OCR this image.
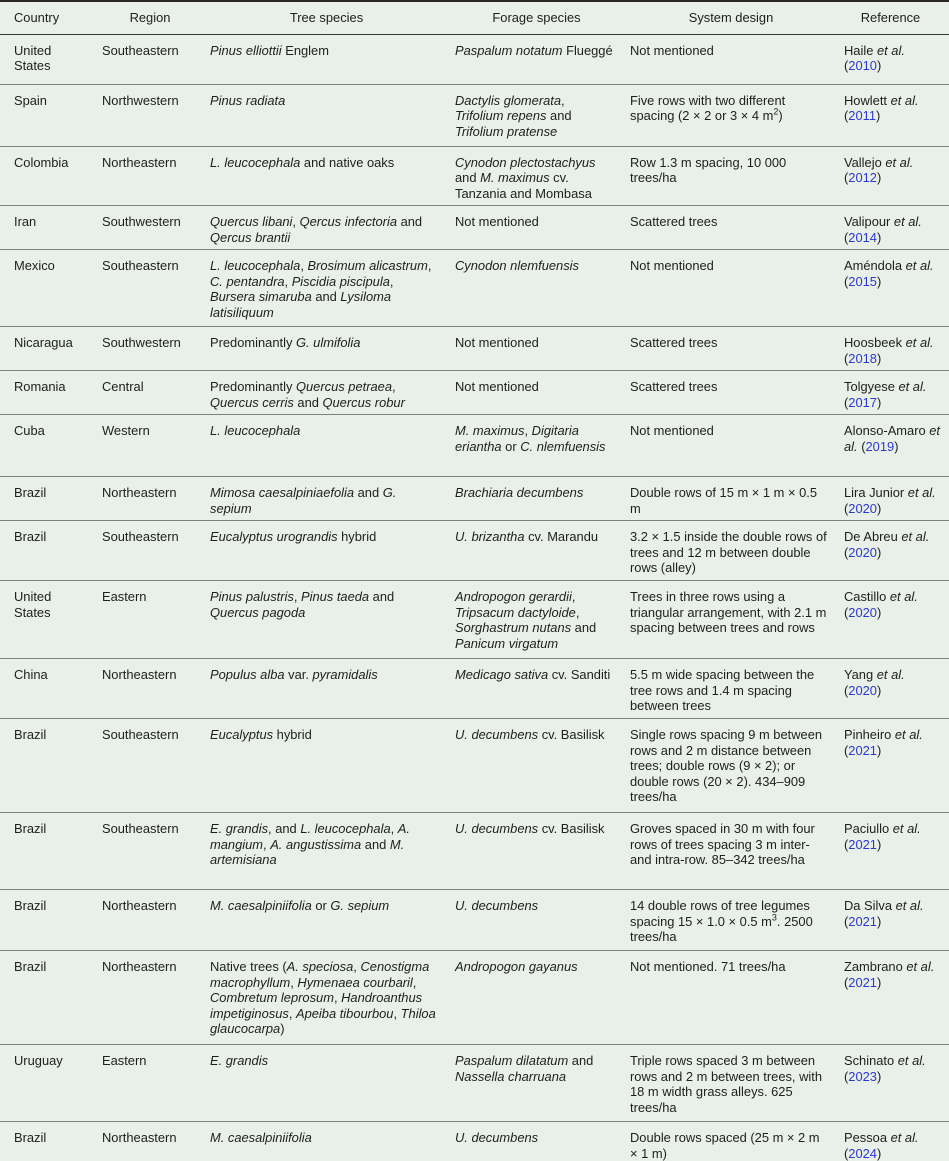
Country	Region	Tree species	Forage species	System design	Reference
United States	Southeastern	Pinus elliottii Englem	Paspalum notatum Flueggé	Not mentioned	Haile et al. (2010)
Spain	Northwestern	Pinus radiata	Dactylis glomerata, Trifolium repens and Trifolium pratense	Five rows with two different spacing (2 × 2 or 3 × 4 $m^2$)	Howlett et al. (2011)
Colombia	Northeastern	L. leucocephala and native oaks	Cynodon plectostachyus and M. maximus cv. Tanzania and Mombasa	Row 1.3 m spacing, 10 000 trees/ha	Vallejo et al. (2012)
Iran	Southwestern	Quercus libani, Qercus infectoria and Qercus brantii	Not mentioned	Scattered trees	Valipour et al. (2014)
Mexico	Southeastern	L. leucocephala, Brosimum alicastrum, C. pentandra, Piscidia piscipula, Bursera simaruba and Lysiloma latisiliquum	Cynodon nlemfuensis	Not mentioned	Améndola et al. (2015)
Nicaragua	Southwestern	Predominantly G. ulmifolia	Not mentioned	Scattered trees	Hoosbeek et al. (2018)
Romania	Central	Predominantly Quercus petraea, Quercus cerris and Quercus robur	Not mentioned	Scattered trees	Tolgyese et al. (2017)
Cuba	Western	L. leucocephala	M. maximus, Digitaria eriantha or C. nlemfuensis	Not mentioned	Alonso-Amaro et al. (2019)
Brazil	Northeastern	Mimosa caesalpiniaefolia and G. sepium	Brachiaria decumbens	Double rows of 15 m × 1 m × 0.5 m	Lira Junior et al. (2020)
Brazil	Southeastern	Eucalyptus urograndis hybrid	U. brizantha cv. Marandu	3.2 × 1.5 inside the double rows of trees and 12 m between double rows (alley)	De Abreu et al. (2020)
United States	Eastern	Pinus palustris, Pinus taeda and Quercus pagoda	Andropogon gerardii, Tripsacum dactyloide, Sorghastrum nutans and Panicum virgatum	Trees in three rows using a triangular arrangement, with 2.1 m spacing between trees and rows	Castillo et al. (2020)
China	Northeastern	Populus alba var. pyramidalis	Medicago sativa cv. Sanditi	5.5 m wide spacing between the tree rows and 1.4 m spacing between trees	Yang et al. (2020)
Brazil	Southeastern	Eucalyptus hybrid	U. decumbens cv. Basilisk	Single rows spacing 9 m between rows and 2 m distance between trees; double rows (9 × 2); or double rows (20 × 2). 434–909 trees/ha	Pinheiro et al. (2021)
Brazil	Southeastern	E. grandis, and L. leucocephala, A. mangium, A. angustissima and M. artemisiana	U. decumbens cv. Basilisk	Groves spaced in 30 m with four rows of trees spacing 3 m inter- and intra-row. 85–342 trees/ha	Paciullo et al. (2021)
Brazil	Northeastern	M. caesalpiniifolia or G. sepium	U. decumbens	14 double rows of tree legumes spacing 15 × 1.0 × 0.5 $m^3$. 2500 trees/ha	Da Silva et al. (2021)
Brazil	Northeastern	Native trees (A. speciosa, Cenostigma macrophyllum, Hymenaea courbaril, Combretum leprosum, Handroanthus impetiginosus, Apeiba tibourbou, Thiloa glaucocarpa)	Andropogon gayanus	Not mentioned. 71 trees/ha	Zambrano et al. (2021)
Uruguay	Eastern	E. grandis	Paspalum dilatatum and Nassella charruana	Triple rows spaced 3 m between rows and 2 m between trees, with 18 m width grass alleys. 625 trees/ha	Schinato et al. (2023)
Brazil	Northeastern	M. caesalpiniifolia	U. decumbens	Double rows spaced (25 m × 2 m × 1 m)	Pessoa et al. (2024)
